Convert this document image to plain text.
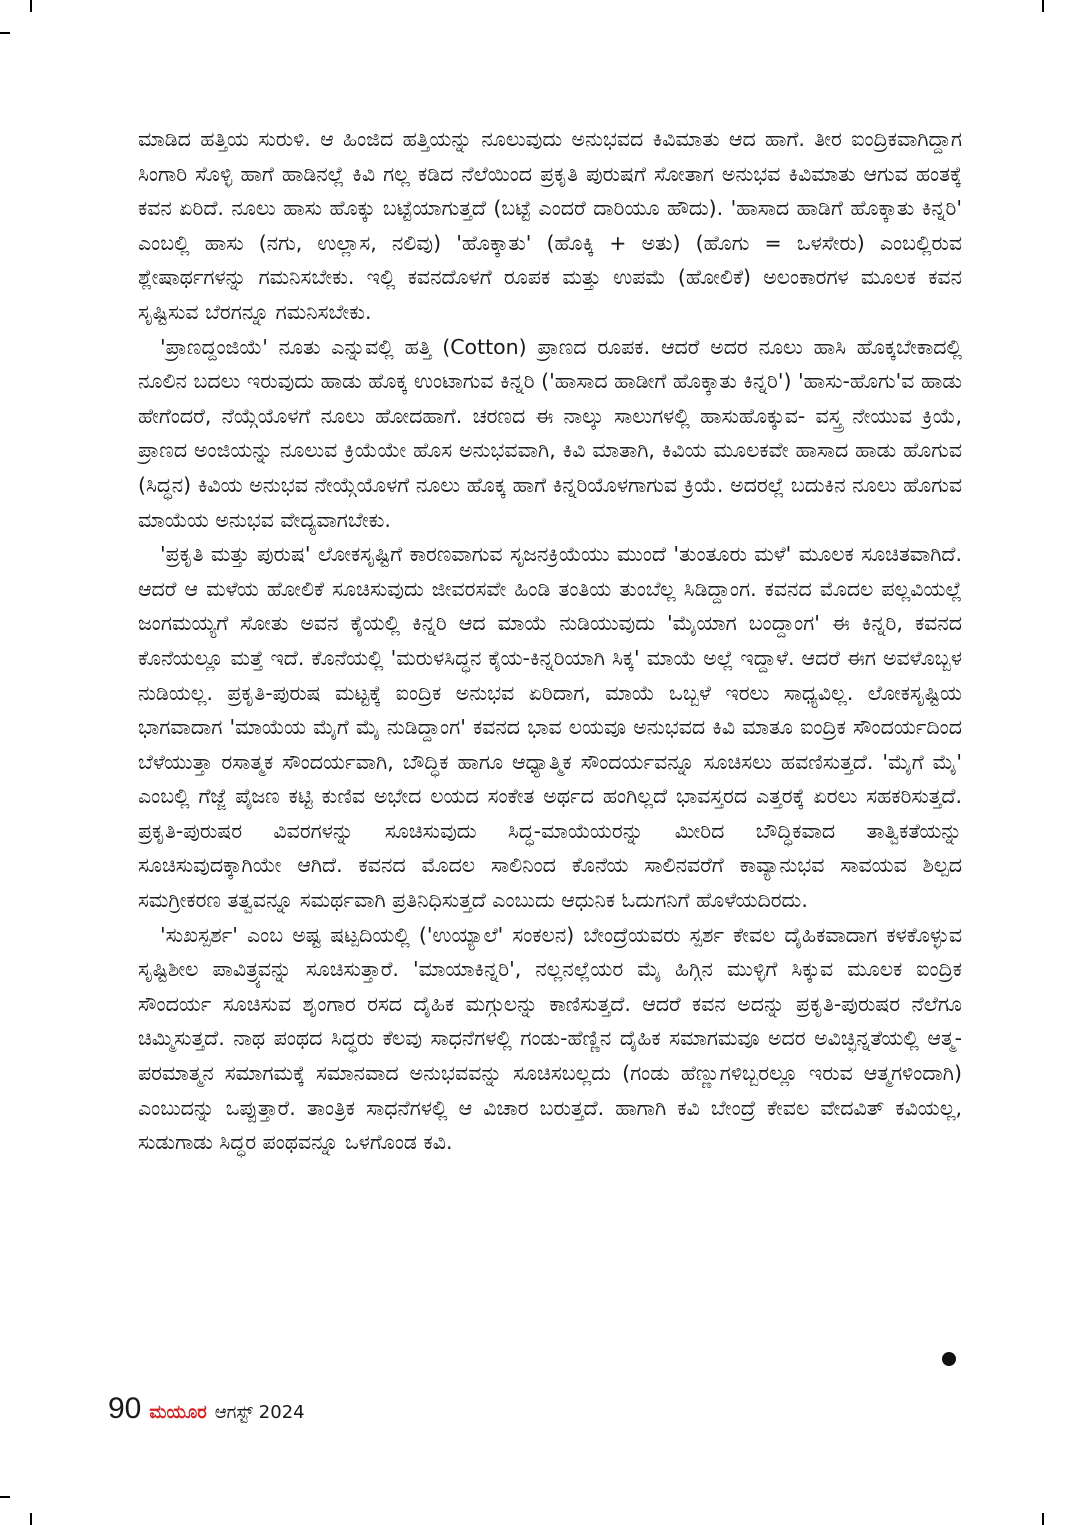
ಮಾಡಿದ ಹತ್ತಿಯ ಸುರುಳಿ. ಆ ಹಿಂಜಿದ ಹತ್ತಿಯನ್ನು ನೂಲುವುದು ಅನುಭವದ ಕಿವಿಮಾತು ಆದ ಹಾಗೆ. ತೀರ ಐಂದ್ರಿಕವಾಗಿದ್ದಾಗ ಸಿಂಗಾರಿ ಸೊಳ್ಳಿ ಹಾಗೆ ಹಾಡಿನಲ್ಲೆ ಕಿವಿ ಗಲ್ಲ ಕಡಿದ ನೆಲೆಯಿಂದ ಪ್ರಕೃತಿ ಪುರುಷಗೆ ಸೋತಾಗ ಅನುಭವ ಕಿವಿಮಾತು ಆಗುವ ಹಂತಕ್ಕೆ ಕವನ ಏರಿದೆ. ನೂಲು ಹಾಸು ಹೊಕ್ಕು ಬಟ್ಟೆಯಾಗುತ್ತದೆ (ಬಟ್ಟೆ ಎಂದರೆ ದಾರಿಯೂ ಹೌದು). 'ಹಾಸಾದ ಹಾಡಿಗೆ ಹೊಕ್ಕಾತು ಕಿನ್ನರಿ' ಎಂಬಲ್ಲಿ ಹಾಸು (ನಗು, ಉಲ್ಲಾಸ, ನಲಿವು) 'ಹೊಕ್ಕಾತು' (ಹೊಕ್ಕಿ + ಅತು) (ಹೊಗು = ಒಳಸೇರು) ಎಂಬಲ್ಲಿರುವ ಶ್ಲೇಷಾರ್ಥಗಳನ್ನು ಗಮನಿಸಬೇಕು. ಇಲ್ಲಿ ಕವನದೊಳಗೆ ರೂಪಕ ಮತ್ತು ಉಪಮೆ (ಹೋಲಿಕೆ) ಅಲಂಕಾರಗಳ ಮೂಲಕ ಕವನ ಸೃಷ್ಟಿಸುವ ಬೆರಗನ್ನೂ ಗಮನಿಸಬೇಕು.

'ಪ್ರಾಣದ್ದಂಜಿಯೆ' ನೂತು ಎನ್ನುವಲ್ಲಿ ಹತ್ತಿ (Cotton) ಪ್ರಾಣದ ರೂಪಕ. ಆದರೆ ಅದರ ನೂಲು ಹಾಸಿ ಹೊಕ್ಕಬೇಕಾದಲ್ಲಿ ನೂಲಿನ ಬದಲು ಇರುವುದು ಹಾಡು ಹೊಕ್ಕ ಉಂಟಾಗುವ ಕಿನ್ನರಿ ('ಹಾಸಾದ ಹಾಡೀಗೆ ಹೊಕ್ಕಾತು ಕಿನ್ನರಿ') 'ಹಾಸು-ಹೊಗು'ವ ಹಾಡು ಹೇಗೆಂದರೆ, ನೆಯ್ಗೆಯೊಳಗೆ ನೂಲು ಹೋದಹಾಗೆ. ಚರಣದ ಈ ನಾಲ್ಕು ಸಾಲುಗಳಲ್ಲಿ ಹಾಸುಹೊಕ್ಕುವ- ವಸ್ತ್ರ ನೇಯುವ ಕ್ರಿಯೆ, ಪ್ರಾಣದ ಅಂಜಿಯನ್ನು ನೂಲುವ ಕ್ರಿಯೆಯೇ ಹೊಸ ಅನುಭವವಾಗಿ, ಕಿವಿ ಮಾತಾಗಿ, ಕಿವಿಯ ಮೂಲಕವೇ ಹಾಸಾದ ಹಾಡು ಹೊಗುವ (ಸಿದ್ಧನ) ಕಿವಿಯ ಅನುಭವ ನೇಯ್ಗೆಯೊಳಗೆ ನೂಲು ಹೊಕ್ಕ ಹಾಗೆ ಕಿನ್ನರಿಯೊಳಗಾಗುವ ಕ್ರಿಯೆ. ಅದರಲ್ಲೆ ಬದುಕಿನ ನೂಲು ಹೊಗುವ ಮಾಯೆಯ ಅನುಭವ ವೇದ್ಯವಾಗಬೇಕು.

'ಪ್ರಕೃತಿ ಮತ್ತು ಪುರುಷ' ಲೋಕಸೃಷ್ಟಿಗೆ ಕಾರಣವಾಗುವ ಸೃಜನಕ್ರಿಯೆಯು ಮುಂದೆ 'ತುಂತೂರು ಮಳೆ' ಮೂಲಕ ಸೂಚಿತವಾಗಿದೆ. ಆದರೆ ಆ ಮಳೆಯ ಹೋಲಿಕೆ ಸೂಚಿಸುವುದು ಜೀವರಸವೇ ಹಿಂಡಿ ತಂತಿಯ ತುಂಬೆಲ್ಲ ಸಿಡಿದ್ದಾಂಗ. ಕವನದ ಮೊದಲ ಪಲ್ಲವಿಯಲ್ಲೆ ಜಂಗಮಯ್ಯಗೆ ಸೋತು ಅವನ ಕೈಯಲ್ಲಿ ಕಿನ್ನರಿ ಆದ ಮಾಯೆ ನುಡಿಯುವುದು 'ಮೈಯಾಗ ಬಂದ್ದಾಂಗ' ಈ ಕಿನ್ನರಿ, ಕವನದ ಕೊನೆಯಲ್ಲೂ ಮತ್ತೆ ಇದೆ. ಕೊನೆಯಲ್ಲಿ 'ಮರುಳಸಿದ್ಧನ ಕೈಯ-ಕಿನ್ನರಿಯಾಗಿ ಸಿಕ್ಕ' ಮಾಯೆ ಅಲ್ಲೆ ಇದ್ದಾಳೆ. ಆದರೆ ಈಗ ಅವಳೊಬ್ಬಳ ನುಡಿಯಲ್ಲ. ಪ್ರಕೃತಿ-ಪುರುಷ ಮಟ್ಟಕ್ಕೆ ಐಂದ್ರಿಕ ಅನುಭವ ಏರಿದಾಗ, ಮಾಯೆ ಒಬ್ಬಳೆ ಇರಲು ಸಾಧ್ಯವಿಲ್ಲ. ಲೋಕಸೃಷ್ಟಿಯ ಭಾಗವಾದಾಗ 'ಮಾಯೆಯ ಮೈಗೆ ಮೈ ನುಡಿದ್ದಾಂಗ' ಕವನದ ಭಾವ ಲಯವೂ ಅನುಭವದ ಕಿವಿ ಮಾತೂ ಐಂದ್ರಿಕ ಸೌಂದರ್ಯದಿಂದ ಬೆಳೆಯುತ್ತಾ ರಸಾತ್ಮಕ ಸೌಂದರ್ಯವಾಗಿ, ಬೌದ್ಧಿಕ ಹಾಗೂ ಆಧ್ಯಾತ್ಮಿಕ ಸೌಂದರ್ಯವನ್ನೂ ಸೂಚಿಸಲು ಹವಣಿಸುತ್ತದೆ. 'ಮೈಗೆ ಮೈ' ಎಂಬಲ್ಲಿ ಗೆಜ್ಜೆ ಪೈಜಣ ಕಟ್ಟಿ ಕುಣಿವ ಅಭೇದ ಲಯದ ಸಂಕೇತ ಅರ್ಥದ ಹಂಗಿಲ್ಲದೆ ಭಾವಸ್ತರದ ಎತ್ತರಕ್ಕೆ ಏರಲು ಸಹಕರಿಸುತ್ತದೆ. ಪ್ರಕೃತಿ-ಪುರುಷರ ವಿವರಗಳನ್ನು ಸೂಚಿಸುವುದು ಸಿದ್ಧ-ಮಾಯೆಯರನ್ನು ಮೀರಿದ ಬೌದ್ಧಿಕವಾದ ತಾತ್ವಿಕತೆಯನ್ನು ಸೂಚಿಸುವುದಕ್ಕಾಗಿಯೇ ಆಗಿದೆ. ಕವನದ ಮೊದಲ ಸಾಲಿನಿಂದ ಕೊನೆಯ ಸಾಲಿನವರೆಗೆ ಕಾವ್ಯಾನುಭವ ಸಾವಯವ ಶಿಲ್ಪದ ಸಮಗ್ರೀಕರಣ ತತ್ವವನ್ನೂ ಸಮರ್ಥವಾಗಿ ಪ್ರತಿನಿಧಿಸುತ್ತದೆ ಎಂಬುದು ಆಧುನಿಕ ಓದುಗನಿಗೆ ಹೊಳೆಯದಿರದು.

'ಸುಖಸ್ಪರ್ಶ' ಎಂಬ ಅಷ್ಟ ಷಟ್ಪದಿಯಲ್ಲಿ ('ಉಯ್ಯಾಲೆ' ಸಂಕಲನ) ಬೇಂದ್ರೆಯವರು ಸ್ಪರ್ಶ ಕೇವಲ ದೈಹಿಕವಾದಾಗ ಕಳಕೊಳ್ಳುವ ಸೃಷ್ಟಿಶೀಲ ಪಾವಿತ್ರ್ಯವನ್ನು ಸೂಚಿಸುತ್ತಾರೆ. 'ಮಾಯಾಕಿನ್ನರಿ', ನಲ್ಲನಲ್ಲೆಯರ ಮೈ ಹಿಗ್ಗಿನ ಮುಳ್ಳಿಗೆ ಸಿಕ್ಕುವ ಮೂಲಕ ಐಂದ್ರಿಕ ಸೌಂದರ್ಯ ಸೂಚಿಸುವ ಶೃಂಗಾರ ರಸದ ದೈಹಿಕ ಮಗ್ಗುಲನ್ನು ಕಾಣಿಸುತ್ತದೆ. ಆದರೆ ಕವನ ಅದನ್ನು ಪ್ರಕೃತಿ-ಪುರುಷರ ನೆಲೆಗೂ ಚಿಮ್ಮಿಸುತ್ತದೆ. ನಾಥ ಪಂಥದ ಸಿದ್ಧರು ಕೆಲವು ಸಾಧನೆಗಳಲ್ಲಿ ಗಂಡು-ಹೆಣ್ಣಿನ ದೈಹಿಕ ಸಮಾಗಮವೂ ಅದರ ಅವಿಚ್ಛಿನ್ನತೆಯಲ್ಲಿ ಆತ್ಮ-ಪರಮಾತ್ಮನ ಸಮಾಗಮಕ್ಕೆ ಸಮಾನವಾದ ಅನುಭವವನ್ನು ಸೂಚಿಸಬಲ್ಲದು (ಗಂಡು ಹೆಣ್ಣುಗಳಿಬ್ಬರಲ್ಲೂ ಇರುವ ಆತ್ಮಗಳಿಂದಾಗಿ) ಎಂಬುದನ್ನು ಒಪ್ಪುತ್ತಾರೆ. ತಾಂತ್ರಿಕ ಸಾಧನೆಗಳಲ್ಲಿ ಆ ವಿಚಾರ ಬರುತ್ತದೆ. ಹಾಗಾಗಿ ಕವಿ ಬೇಂದ್ರೆ ಕೇವಲ ವೇದವಿತ್ ಕವಿಯಲ್ಲ, ಸುಡುಗಾಡು ಸಿದ್ಧರ ಪಂಥವನ್ನೂ ಒಳಗೊಂಡ ಕವಿ.

90 ಮಯೂರ ಆಗಸ್ಟ್ 2024
